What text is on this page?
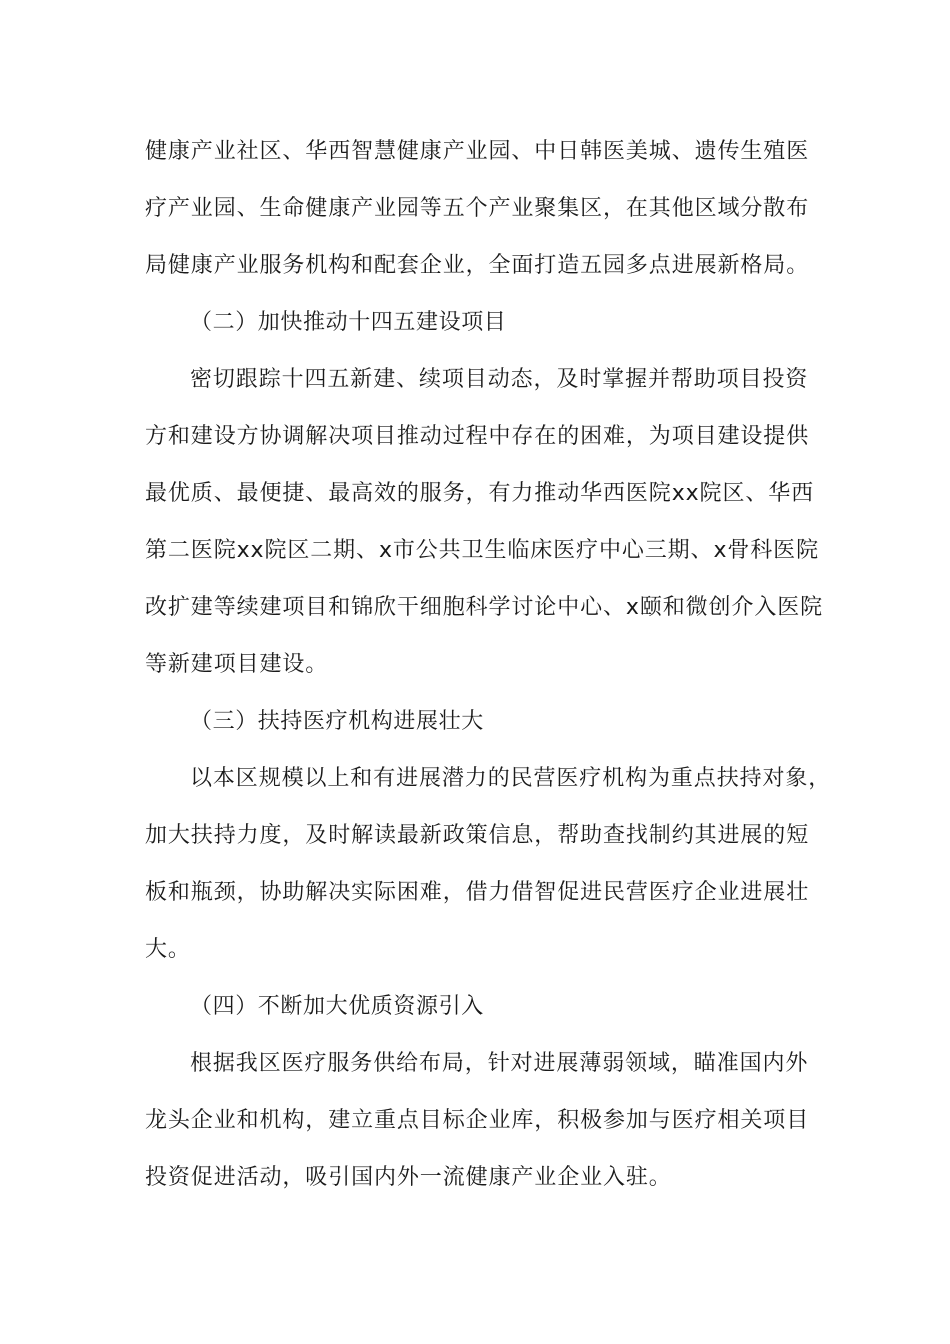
健康产业社区、华西智慧健康产业园、中日韩医美城、遗传生殖医
疗产业园、生命健康产业园等五个产业聚集区，在其他区域分散布
局健康产业服务机构和配套企业，全面打造五园多点进展新格局。
（二）加快推动十四五建设项目
密切跟踪十四五新建、续项目动态，及时掌握并帮助项目投资
方和建设方协调解决项目推动过程中存在的困难，为项目建设提供
最优质、最便捷、最高效的服务，有力推动华西医院xx院区、华西
第二医院xx院区二期、x市公共卫生临床医疗中心三期、x骨科医院
改扩建等续建项目和锦欣干细胞科学讨论中心、x颐和微创介入医院
等新建项目建设。
（三）扶持医疗机构进展壮大
以本区规模以上和有进展潜力的民营医疗机构为重点扶持对象，
加大扶持力度，及时解读最新政策信息，帮助查找制约其进展的短
板和瓶颈，协助解决实际困难，借力借智促进民营医疗企业进展壮
大。
（四）不断加大优质资源引入
根据我区医疗服务供给布局，针对进展薄弱领域，瞄准国内外
龙头企业和机构，建立重点目标企业库，积极参加与医疗相关项目
投资促进活动，吸引国内外一流健康产业企业入驻。
